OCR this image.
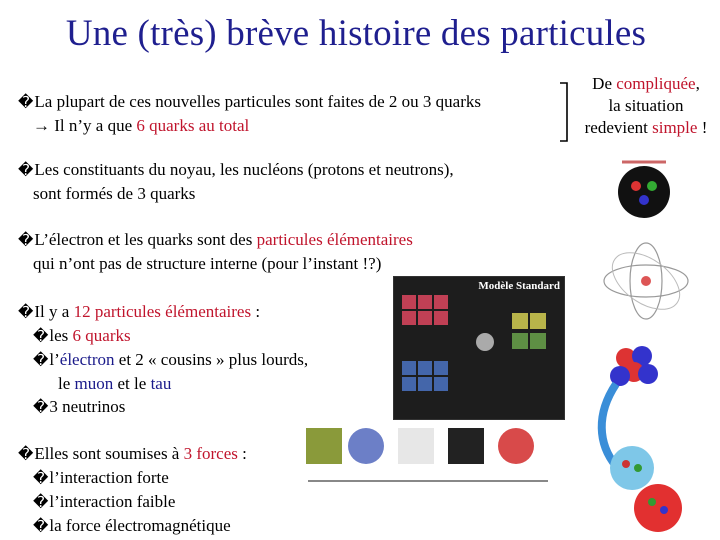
Une (très) brève histoire des particules
�La plupart de ces nouvelles particules sont faites de 2 ou 3 quarks
→ Il n’y a que 6 quarks au total
De compliquée,
la situation
redevient simple !
�Les constituants du noyau, les nucléons (protons et neutrons),
sont formés de 3 quarks
�L’électron et les quarks sont des particules élémentaires
qui n’ont pas de structure interne (pour l’instant !?)
�Il y a 12 particules élémentaires :
�les 6 quarks
�l’électron et 2 « cousins » plus lourds,
le muon et le tau
�3 neutrinos
�Elles sont soumises à 3 forces :
�l’interaction forte
�l’interaction faible
�la force électromagnétique
Modèle Standard
